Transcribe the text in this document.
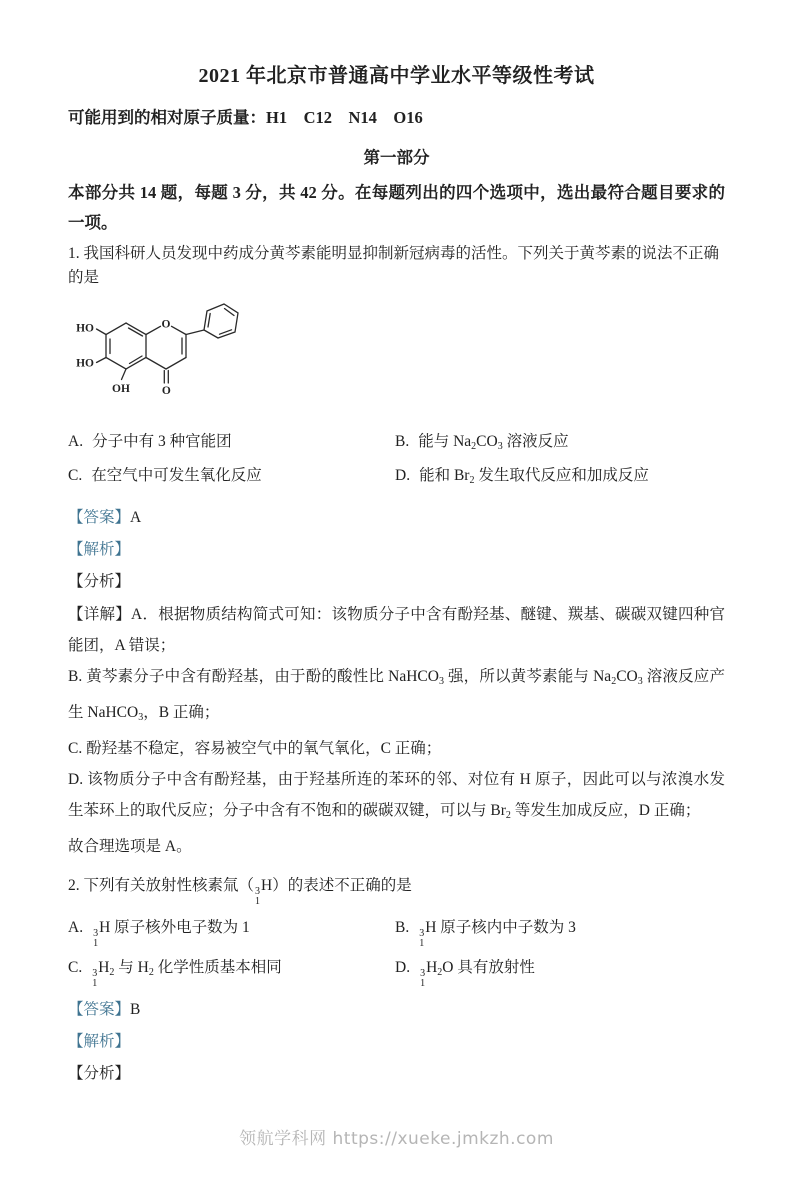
2021 年北京市普通高中学业水平等级性考试
可能用到的相对原子质量：H1    C12    N14    O16
第一部分
本部分共 14 题，每题 3 分，共 42 分。在每题列出的四个选项中，选出最符合题目要求的一项。
1. 我国科研人员发现中药成分黄芩素能明显抑制新冠病毒的活性。下列关于黄芩素的说法不正确的是
O
O
HO
HO
OH
A. 分子中有 3 种官能团	B. 能与 $Na_2CO_3$ 溶液反应
C. 在空气中可发生氧化反应	D. 能和 $Br_2$ 发生取代反应和加成反应
【答案】A
【解析】
【分析】
【详解】A．根据物质结构简式可知：该物质分子中含有酚羟基、醚键、羰基、碳碳双键四种官能团，A 错误；
B. 黄芩素分子中含有酚羟基，由于酚的酸性比 NaHCO$_3$ 强，所以黄芩素能与 $Na_2CO_3$ 溶液反应产生 NaHCO$_3$，B 正确；
C. 酚羟基不稳定，容易被空气中的氧气氧化，C 正确；
D. 该物质分子中含有酚羟基，由于羟基所连的苯环的邻、对位有 H 原子，因此可以与浓溴水发生苯环上的取代反应；分子中含有不饱和的碳碳双键，可以与 $Br_2$ 等发生加成反应，D 正确；
故合理选项是 A。
2. 下列有关放射性核素氚（ 3
1
H）的表述不正确的是
A. 3
1
H 原子核外电子数为 1	B. 3
1
H 原子核内中子数为 3
C. 3
1
$H_2$ 与 $H_2$ 化学性质基本相同	D. 3
1
$H_2O$ 具有放射性
【答案】B
【解析】
【分析】
领航学科网 https://xueke.jmkzh.com
